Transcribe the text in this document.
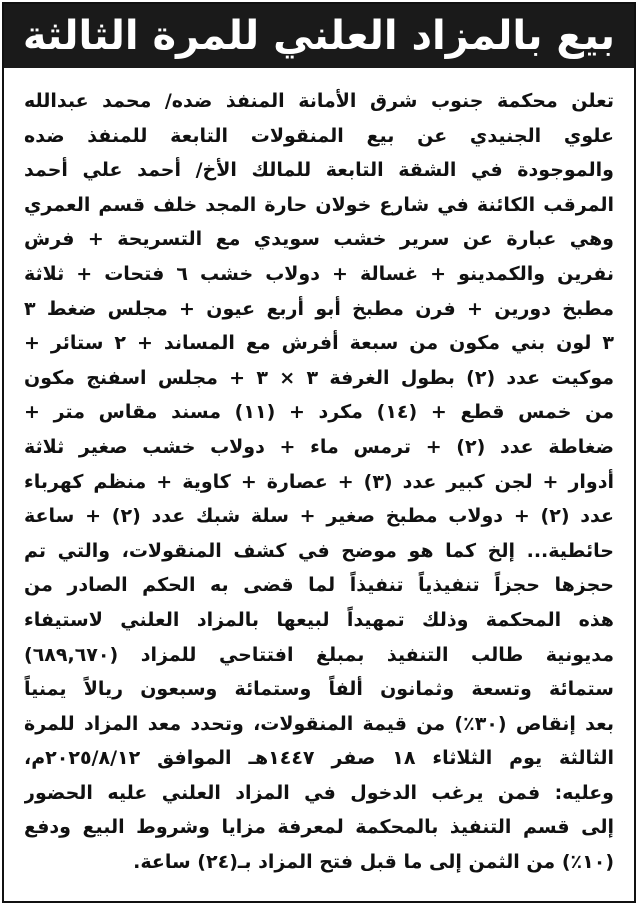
بيع بالمزاد العلني للمرة الثالثة
تعلن محكمة جنوب شرق الأمانة المنفذ ضده/ محمد عبدالله
علوي الجنيدي عن بيع المنقولات التابعة للمنفذ ضده
والموجودة في الشقة التابعة للمالك الأخ/ أحمد علي أحمد
المرقب الكائنة في شارع خولان حارة المجد خلف قسم العمري
وهي عبارة عن سرير خشب سويدي مع التسريحة + فرش
نفرين والكمدينو + غسالة + دولاب خشب ٦ فتحات + ثلاثة
مطبخ دورين + فرن مطبخ أبو أربع عيون + مجلس ضغط ٣
٣ لون بني مكون من سبعة أفرش مع المساند + ٢ ستائر +
موكيت عدد (٢) بطول الغرفة ٣ × ٣ + مجلس اسفنج مكون
من خمس قطع + (١٤) مكرد + (١١) مسند مقاس متر +
ضغاطة عدد (٢) + ترمس ماء + دولاب خشب صغير ثلاثة
أدوار + لجن كبير عدد (٣) + عصارة + كاوية + منظم كهرباء
عدد (٢) + دولاب مطبخ صغير + سلة شبك عدد (٢) + ساعة
حائطية... إلخ كما هو موضح في كشف المنقولات، والتي تم
حجزها حجزاً تنفيذياً تنفيذاً لما قضى به الحكم الصادر من
هذه المحكمة وذلك تمهيداً لبيعها بالمزاد العلني لاستيفاء
مديونية طالب التنفيذ بمبلغ افتتاحي للمزاد (٦٨٩,٦٧٠)
ستمائة وتسعة وثمانون ألفاً وستمائة وسبعون ريالاً يمنياً
بعد إنقاص (٣٠٪) من قيمة المنقولات، وتحدد معد المزاد للمرة
الثالثة يوم الثلاثاء ١٨ صفر ١٤٤٧هـ الموافق ٢٠٢٥/٨/١٢م،
وعليه: فمن يرغب الدخول في المزاد العلني عليه الحضور
إلى قسم التنفيذ بالمحكمة لمعرفة مزايا وشروط البيع ودفع
(١٠٪) من الثمن إلى ما قبل فتح المزاد بـ(٢٤) ساعة.
